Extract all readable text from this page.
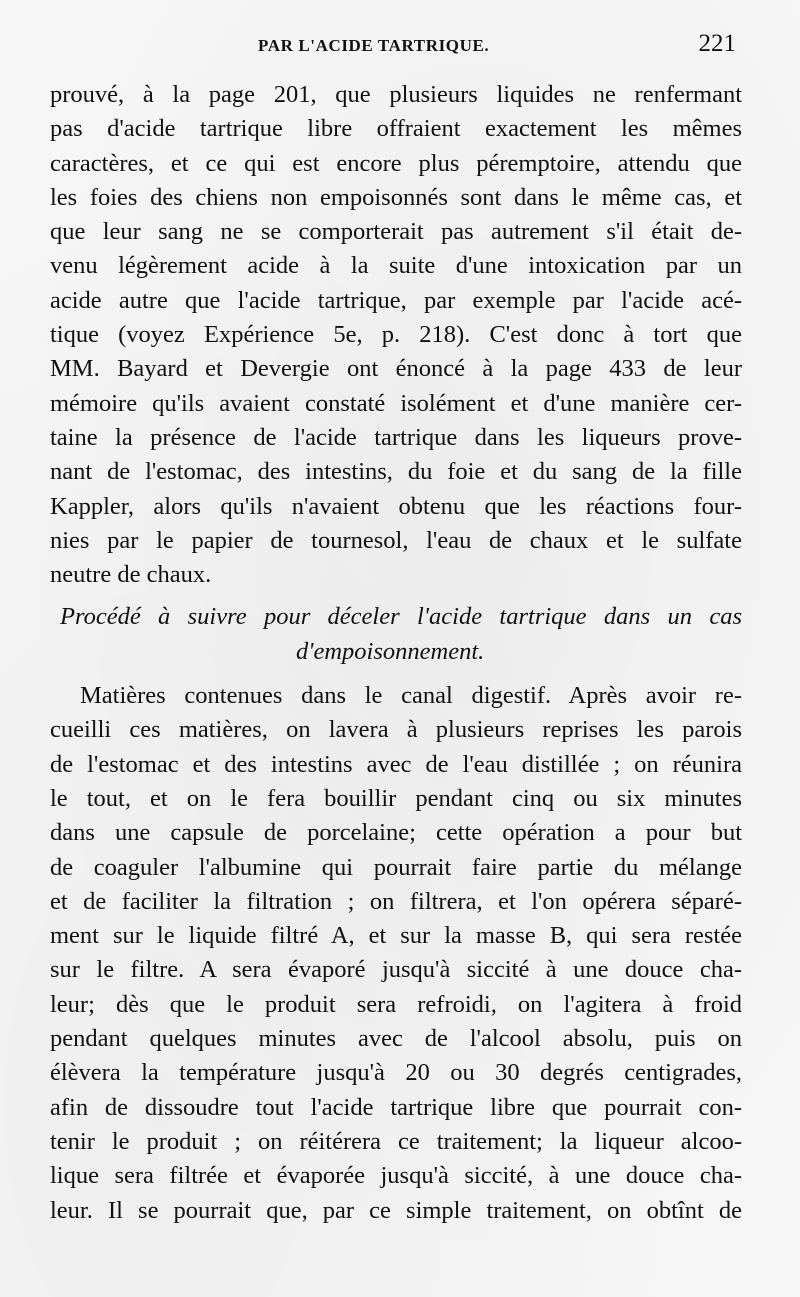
PAR L'ACIDE TARTRIQUE.	221
prouvé, à la page 201, que plusieurs liquides ne renfermant
pas d'acide tartrique libre offraient exactement les mêmes
caractères, et ce qui est encore plus péremptoire, attendu que
les foies des chiens non empoisonnés sont dans le même cas, et
que leur sang ne se comporterait pas autrement s'il était de-
venu légèrement acide à la suite d'une intoxication par un
acide autre que l'acide tartrique, par exemple par l'acide acé-
tique (voyez Expérience 5e, p. 218). C'est donc à tort que
MM. Bayard et Devergie ont énoncé à la page 433 de leur
mémoire qu'ils avaient constaté isolément et d'une manière cer-
taine la présence de l'acide tartrique dans les liqueurs prove-
nant de l'estomac, des intestins, du foie et du sang de la fille
Kappler, alors qu'ils n'avaient obtenu que les réactions four-
nies par le papier de tournesol, l'eau de chaux et le sulfate
neutre de chaux.
Procédé à suivre pour déceler l'acide tartrique dans un cas
d'empoisonnement.
Matières contenues dans le canal digestif. Après avoir re-
cueilli ces matières, on lavera à plusieurs reprises les parois
de l'estomac et des intestins avec de l'eau distillée ; on réunira
le tout, et on le fera bouillir pendant cinq ou six minutes
dans une capsule de porcelaine; cette opération a pour but
de coaguler l'albumine qui pourrait faire partie du mélange
et de faciliter la filtration ; on filtrera, et l'on opérera séparé-
ment sur le liquide filtré A, et sur la masse B, qui sera restée
sur le filtre. A sera évaporé jusqu'à siccité à une douce cha-
leur; dès que le produit sera refroidi, on l'agitera à froid
pendant quelques minutes avec de l'alcool absolu, puis on
élèvera la température jusqu'à 20 ou 30 degrés centigrades,
afin de dissoudre tout l'acide tartrique libre que pourrait con-
tenir le produit ; on réitérera ce traitement; la liqueur alcoo-
lique sera filtrée et évaporée jusqu'à siccité, à une douce cha-
leur. Il se pourrait que, par ce simple traitement, on obtînt de
